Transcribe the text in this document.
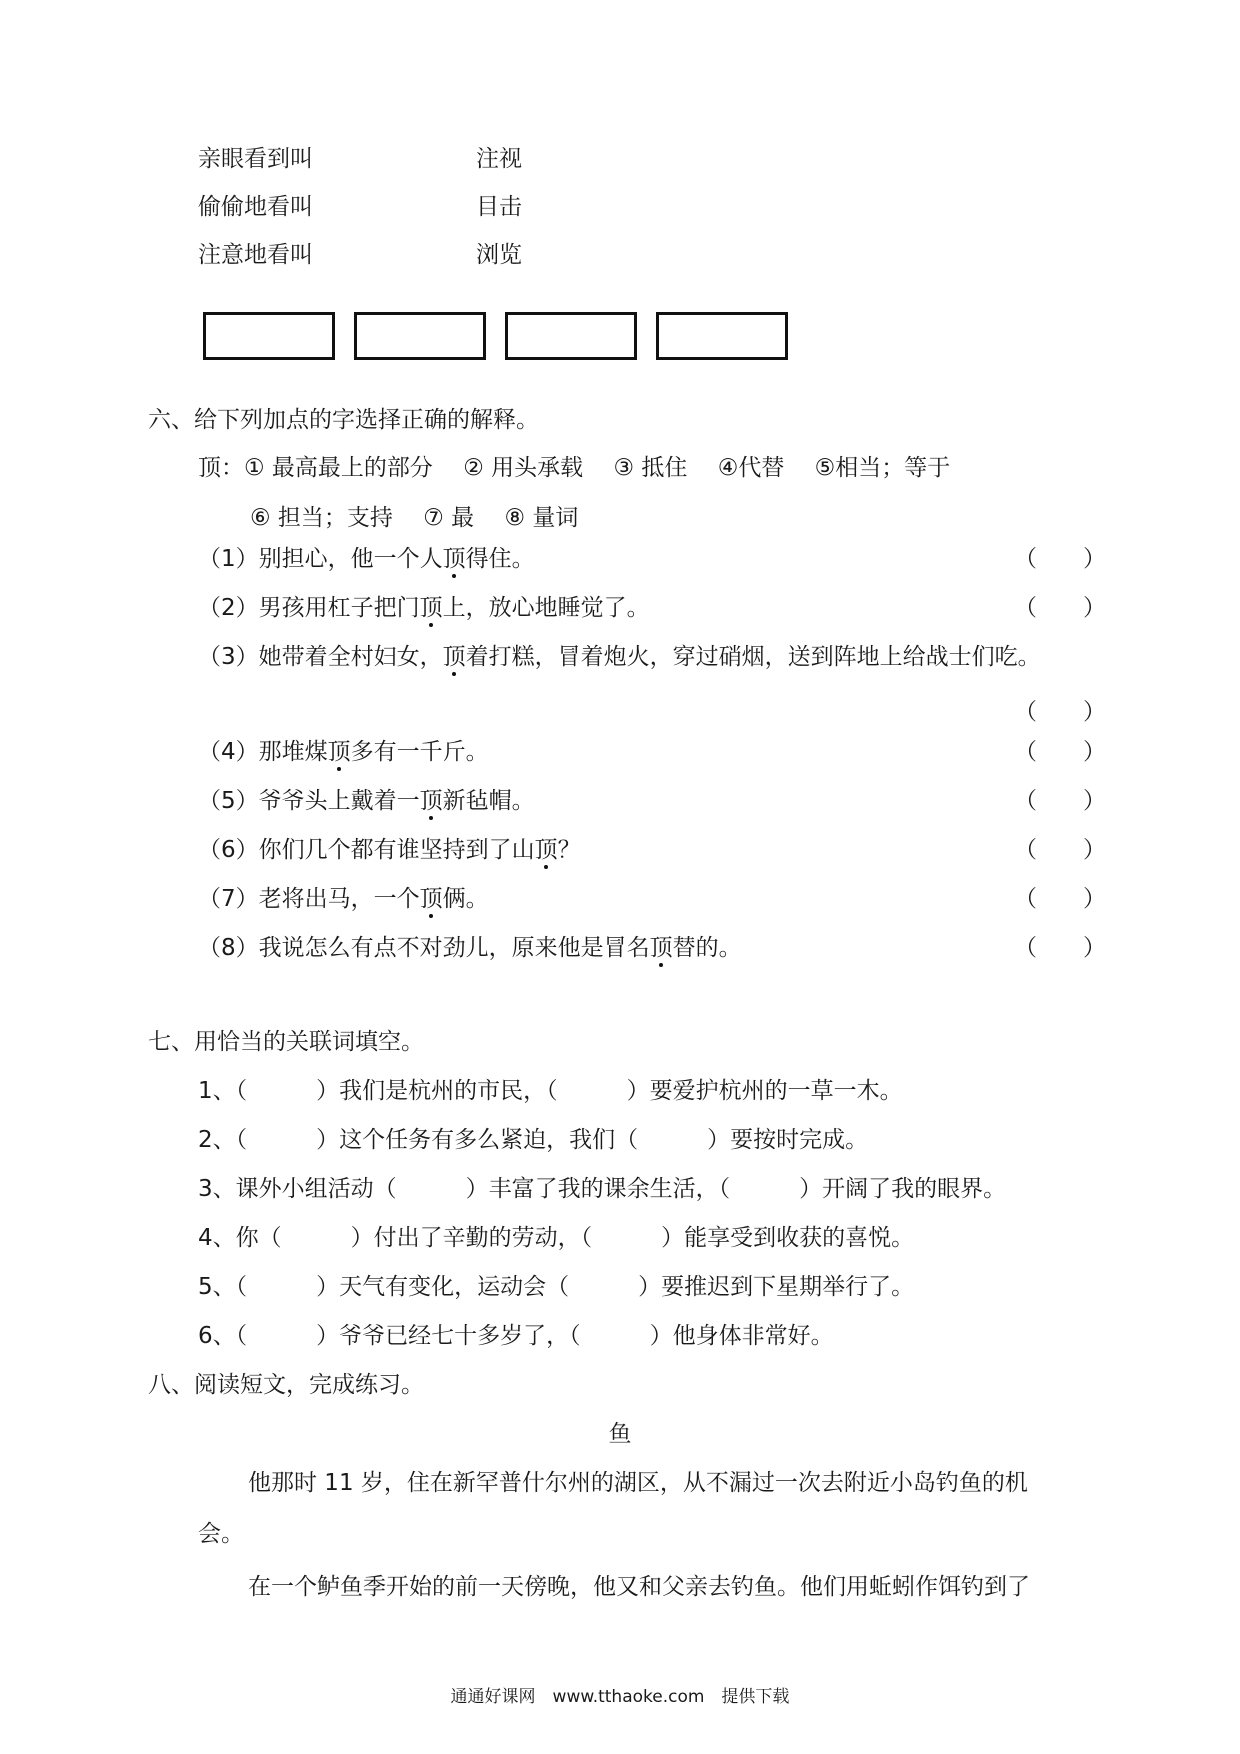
亲眼看到叫	注视
偷偷地看叫	目击
注意地看叫	浏览
六、给下列加点的字选择正确的解释。
顶：① 最高最上的部分　 ② 用头承载　 ③ 抵住　 ④代替　 ⑤相当；等于
⑥ 担当；支持　 ⑦ 最　 ⑧ 量词
（1）别担心，他一个人顶得住。	（　　）
（2）男孩用杠子把门顶上，放心地睡觉了。	（　　）
（3）她带着全村妇女，顶着打糕，冒着炮火，穿过硝烟，送到阵地上给战士们吃。
（　　）
（4）那堆煤顶多有一千斤。	（　　）
（5）爷爷头上戴着一顶新毡帽。	（　　）
（6）你们几个都有谁坚持到了山顶？	（　　）
（7）老将出马，一个顶俩。	（　　）
（8）我说怎么有点不对劲儿，原来他是冒名顶替的。	（　　）
七、用恰当的关联词填空。
1、（　　　）我们是杭州的市民，（　　　）要爱护杭州的一草一木。
2、（　　　）这个任务有多么紧迫，我们（　　　）要按时完成。
3、课外小组活动（　　　）丰富了我的课余生活，（　　　）开阔了我的眼界。
4、你（　　　）付出了辛勤的劳动，（　　　）能享受到收获的喜悦。
5、（　　　）天气有变化，运动会（　　　）要推迟到下星期举行了。
6、（　　　）爷爷已经七十多岁了，（　　　）他身体非常好。
八、阅读短文，完成练习。
鱼
他那时 11 岁，住在新罕普什尔州的湖区，从不漏过一次去附近小岛钓鱼的机
会。
在一个鲈鱼季开始的前一天傍晚，他又和父亲去钓鱼。他们用蚯蚓作饵钓到了
通通好课网　www.tthaoke.com　提供下载
